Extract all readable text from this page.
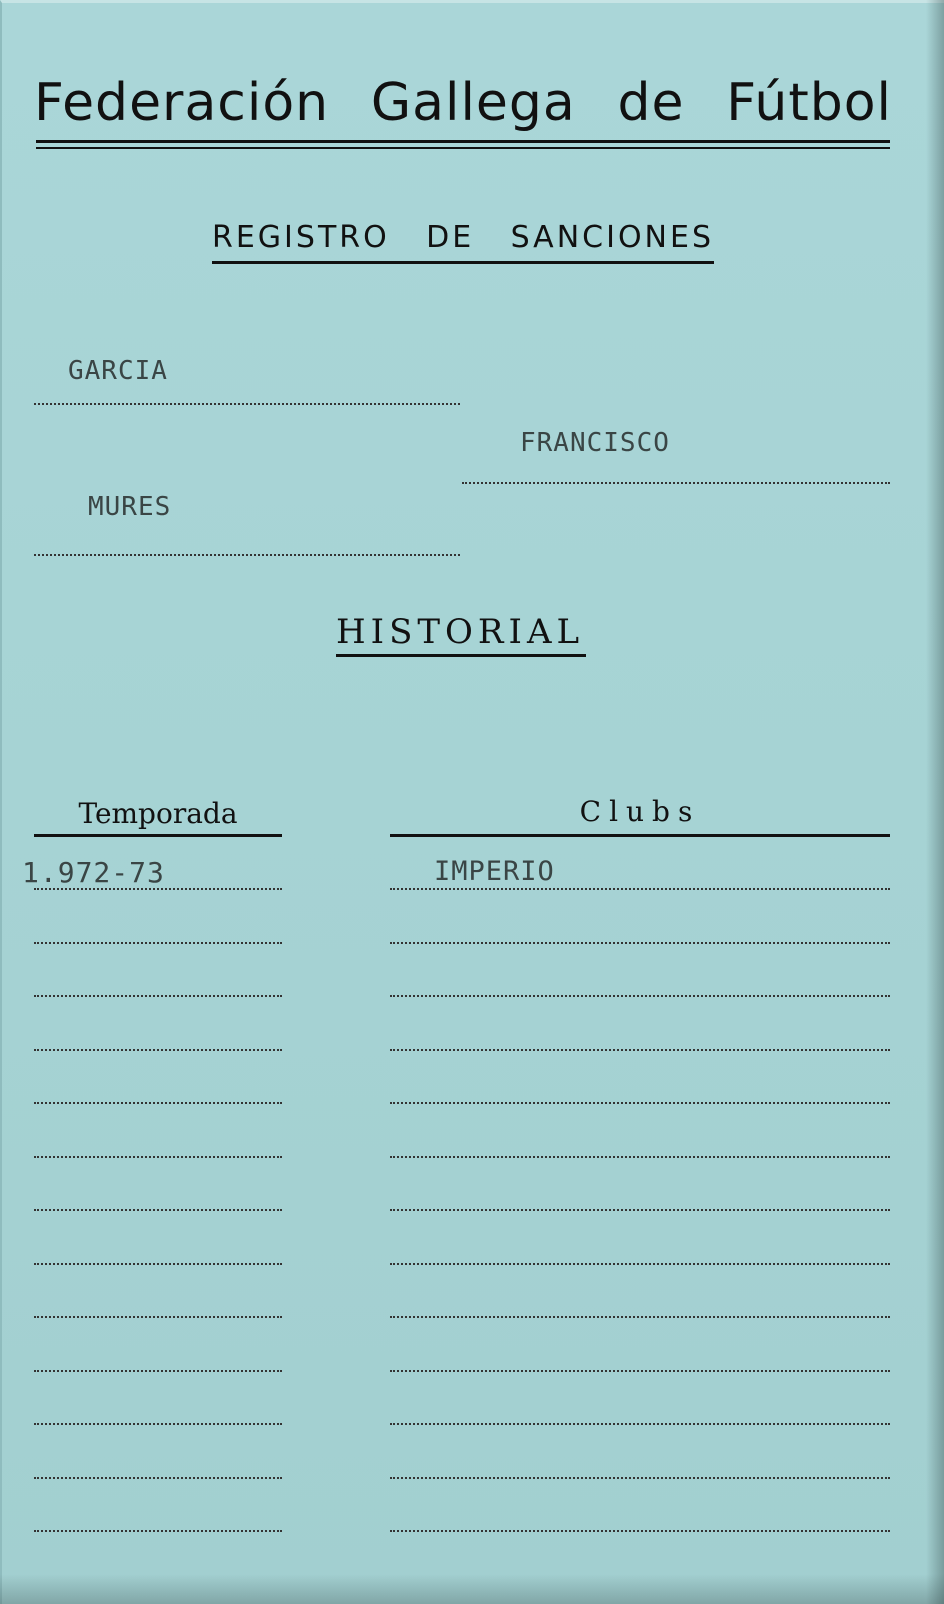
Federación Gallega de Fútbol
REGISTRO DE SANCIONES
GARCIA
FRANCISCO
MURES
HISTORIAL
Temporada	Clubs
1.972-73	IMPERIO
